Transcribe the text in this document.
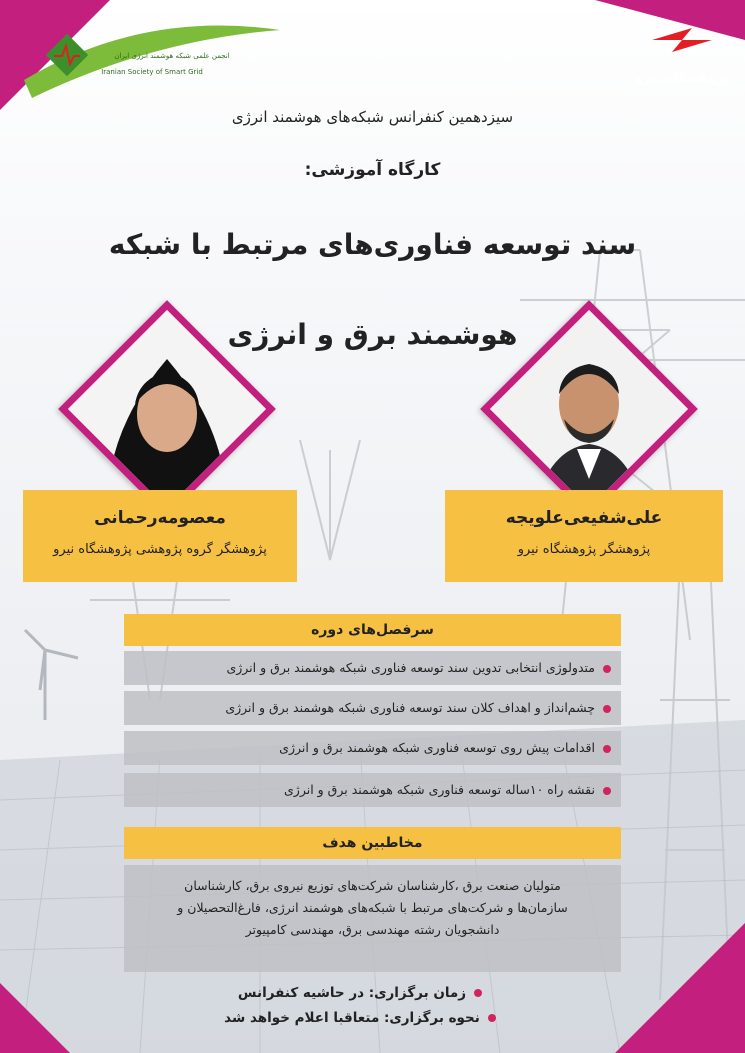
انجمن علمی شبکه هوشمند انرژی ایران
Iranian Society of Smart Grid	پژوهشگاه نیرو
سیزدهمین کنفرانس شبکه‌های هوشمند انرژی
کارگاه آموزشی:
سند توسعه فناوری‌های مرتبط با شبکه
هوشمند برق و انرژی
معصومه‌رحمانی
پژوهشگر گروه پژوهشی پژوهشگاه نیرو
علی‌شفیعی‌علویجه
پژوهشگر پژوهشگاه نیرو
سرفصل‌های دوره
متدولوژی انتخابی تدوین سند توسعه فناوری شبکه هوشمند برق و انرژی
چشم‌انداز و اهداف کلان سند توسعه فناوری شبکه هوشمند برق و انرژی
اقدامات پیش روی توسعه فناوری شبکه هوشمند برق و انرژی
نقشه راه ۱۰ساله توسعه فناوری شبکه هوشمند برق و انرژی
مخاطبین هدف
متولیان صنعت برق ،کارشناسان شرکت‌های توزیع نیروی برق، کارشناسان
سازمان‌ها و شرکت‌های مرتبط با شبکه‌های هوشمند انرژی، فارغ‌التحصیلان و
دانشجویان رشته مهندسی برق، مهندسی کامپیوتر
زمان برگزاری: در حاشیه کنفرانس
نحوه برگزاری: متعاقبا اعلام خواهد شد
